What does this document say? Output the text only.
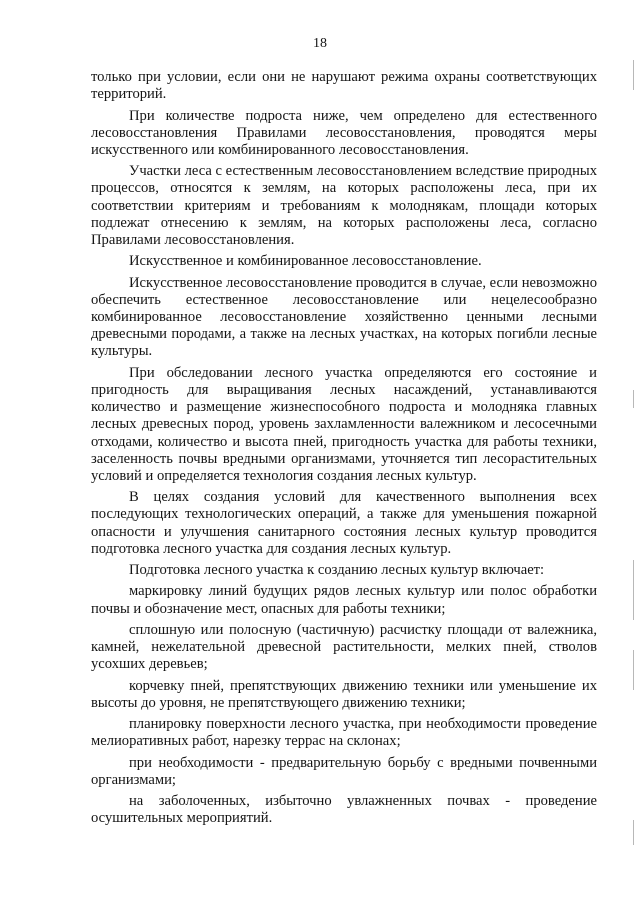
18

только при условии, если они не нарушают режима охраны соответствующих территорий.

При количестве подроста ниже, чем определено для естественного лесовосстановления Правилами лесовосстановления, проводятся меры искусственного или комбинированного лесовосстановления.

Участки леса с естественным лесовосстановлением вследствие природных процессов, относятся к землям, на которых расположены леса, при их соответствии критериям и требованиям к молоднякам, площади которых подлежат отнесению к землям, на которых расположены леса, согласно Правилами лесовосстановления.

Искусственное и комбинированное лесовосстановление.

Искусственное лесовосстановление проводится в случае, если невозможно обеспечить естественное лесовосстановление или нецелесообразно комбинированное лесовосстановление хозяйственно ценными лесными древесными породами, а также на лесных участках, на которых погибли лесные культуры.

При обследовании лесного участка определяются его состояние и пригодность для выращивания лесных насаждений, устанавливаются количество и размещение жизнеспособного подроста и молодняка главных лесных древесных пород, уровень захламленности валежником и лесосечными отходами, количество и высота пней, пригодность участка для работы техники, заселенность почвы вредными организмами, уточняется тип лесорастительных условий и определяется технология создания лесных культур.

В целях создания условий для качественного выполнения всех последующих технологических операций, а также для уменьшения пожарной опасности и улучшения санитарного состояния лесных культур проводится подготовка лесного участка для создания лесных культур.

Подготовка лесного участка к созданию лесных культур включает:

маркировку линий будущих рядов лесных культур или полос обработки почвы и обозначение мест, опасных для работы техники;

сплошную или полосную (частичную) расчистку площади от валежника, камней, нежелательной древесной растительности, мелких пней, стволов усохших деревьев;

корчевку пней, препятствующих движению техники или уменьшение их высоты до уровня, не препятствующего движению техники;

планировку поверхности лесного участка, при необходимости проведение мелиоративных работ, нарезку террас на склонах;

при необходимости - предварительную борьбу с вредными почвенными организмами;

на заболоченных, избыточно увлажненных почвах - проведение осушительных мероприятий.
